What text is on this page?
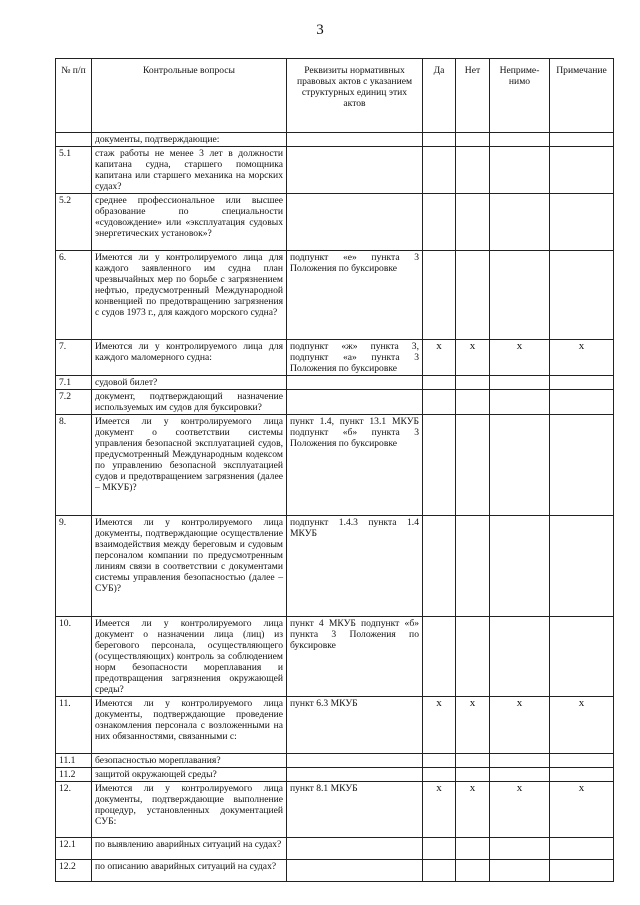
3
№ п/п	Контрольные вопросы	Реквизиты нормативных правовых актов с указанием структурных единиц этих актов	Да	Нет	Непримeнимо	Примечание
	документы, подтверждающие:					
5.1	стаж работы не менее 3 лет в должности капитана судна, старшего помощника капитана или старшего механика на морских судах?					
5.2	среднее профессиональное или высшее образование по специальности «судовождение» или «эксплуатация судовых энергетических установок»?					
6.	Имеются ли у контролируемого лица для каждого заявленного им судна план чрезвычайных мер по борьбе с загрязнением нефтью, предусмотренный Международной конвенцией по предотвращению загрязнения с судов 1973 г., для каждого морского судна?	подпункт «е» пункта 3 Положения по буксировке				
7.	Имеются ли у контролируемого лица для каждого маломерного судна:	подпункт «ж» пункта 3, подпункт «а» пункта 3 Положения по буксировке	х	х	х	х
7.1	судовой билет?					
7.2	документ, подтверждающий назначение используемых им судов для буксировки?					
8.	Имеется ли у контролируемого лица документ о соответствии системы управления безопасной эксплуатацией судов, предусмотренный Международным кодексом по управлению безопасной эксплуатацией судов и предотвращением загрязнения (далее – МКУБ)?	пункт 1.4, пункт 13.1 МКУБ подпункт «б» пункта 3 Положения по буксировке				
9.	Имеются ли у контролируемого лица документы, подтверждающие осуществление взаимодействия между береговым и судовым персоналом компании по предусмотренным линиям связи в соответствии с документами системы управления безопасностью (далее – СУБ)?	подпункт 1.4.3 пункта 1.4 МКУБ				
10.	Имеется ли у контролируемого лица документ о назначении лица (лиц) из берегового персонала, осуществляющего (осуществляющих) контроль за соблюдением норм безопасности мореплавания и предотвращения загрязнения окружающей среды?	пункт 4 МКУБ подпункт «б» пункта 3 Положения по буксировке				
11.	Имеются ли у контролируемого лица документы, подтверждающие проведение ознакомления персонала с возложенными на них обязанностями, связанными с:	пункт 6.3 МКУБ	х	х	х	х
11.1	безопасностью мореплавания?					
11.2	защитой окружающей среды?					
12.	Имеются ли у контролируемого лица документы, подтверждающие выполнение процедур, установленных документацией СУБ:	пункт 8.1 МКУБ	х	х	х	х
12.1	по выявлению аварийных ситуаций на судах?					
12.2	по описанию аварийных ситуаций на судах?					
